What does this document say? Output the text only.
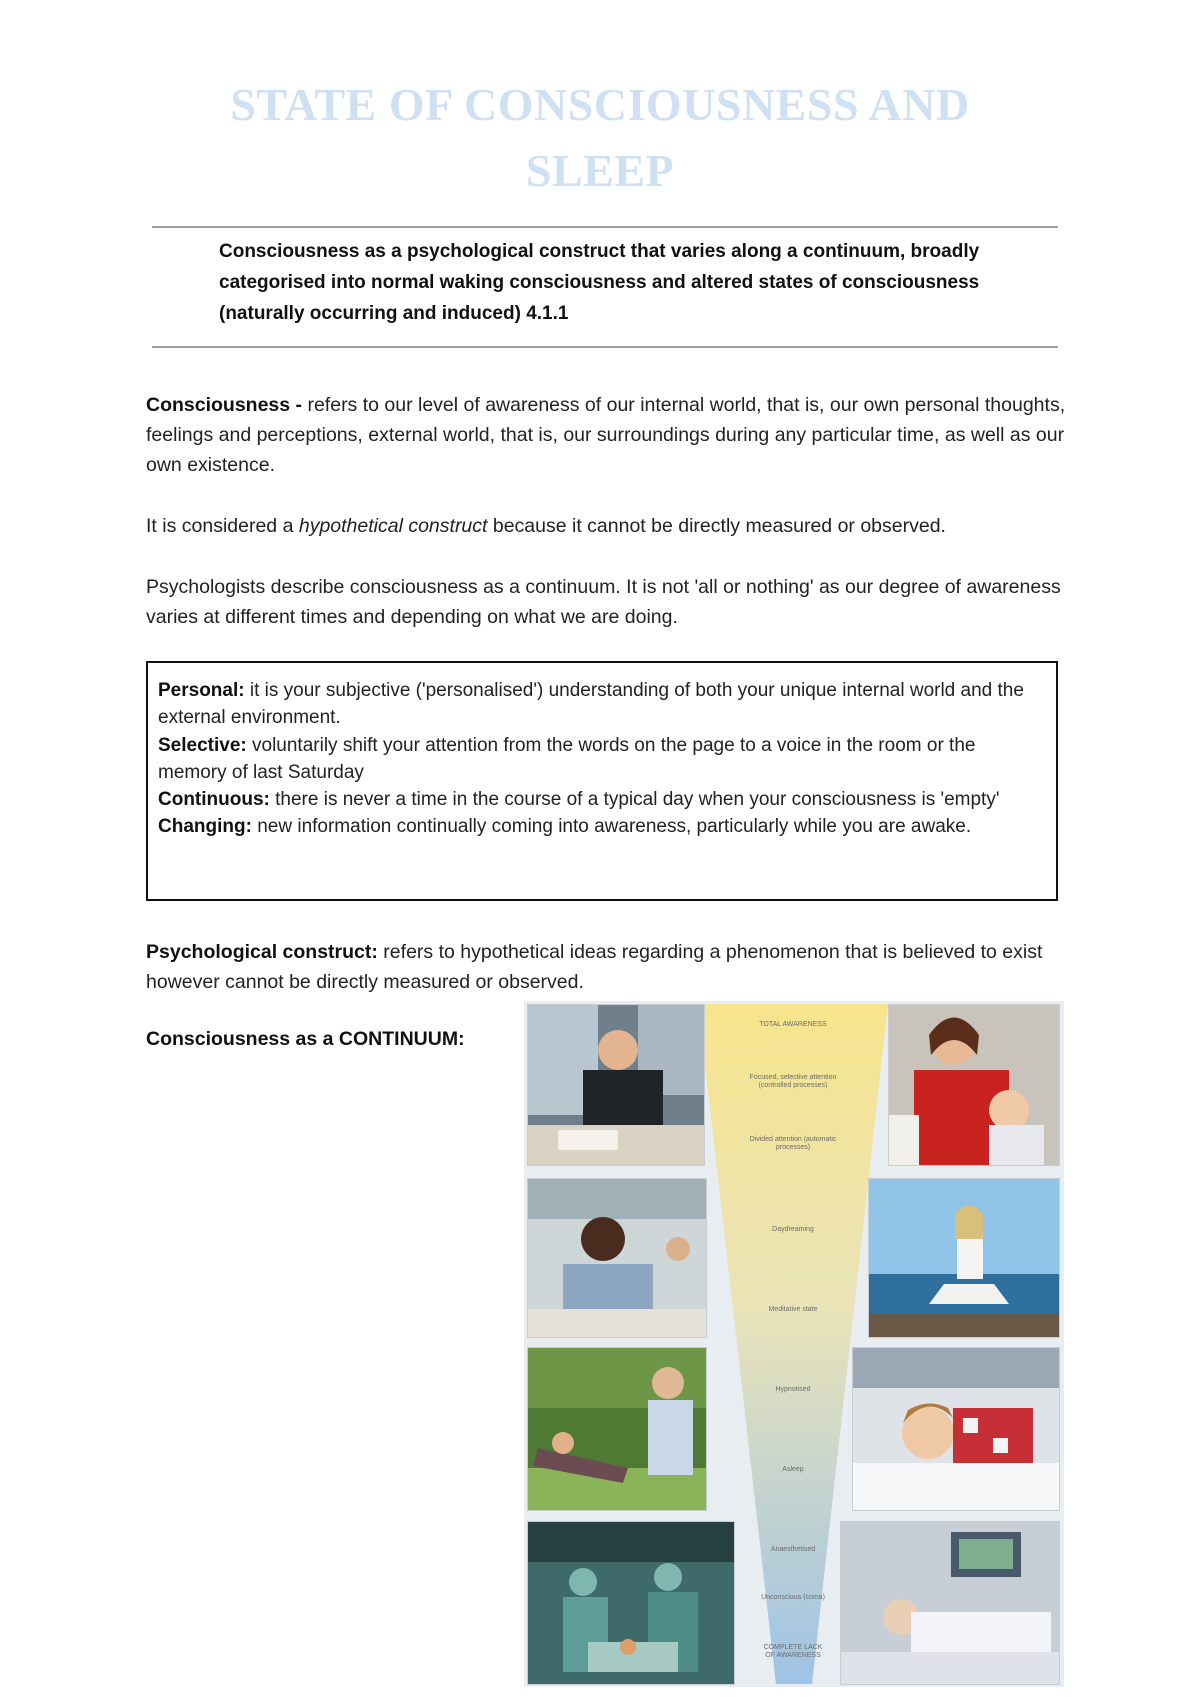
STATE OF CONSCIOUSNESS AND
SLEEP
Consciousness as a psychological construct that varies along a continuum, broadly categorised into normal waking consciousness and altered states of consciousness (naturally occurring and induced) 4.1.1
Consciousness - refers to our level of awareness of our internal world, that is, our own personal thoughts, feelings and perceptions, external world, that is, our surroundings during any particular time, as well as our own existence.
It is considered a hypothetical construct because it cannot be directly measured or observed.
Psychologists describe consciousness as a continuum. It is not 'all or nothing' as our degree of awareness varies at different times and depending on what we are doing.

Personal: it is your subjective ('personalised') understanding of both your unique internal world and the external environment.

Selective: voluntarily shift your attention from the words on the page to a voice in the room or the memory of last Saturday

Continuous: there is never a time in the course of a typical day when your consciousness is 'empty'

Changing: new information continually coming into awareness, particularly while you are awake.

Psychological construct: refers to hypothetical ideas regarding a phenomenon that is believed to exist however cannot be directly measured or observed.
Consciousness as a CONTINUUM:
TOTAL AWARENESS
Focused, selective attention (controlled processes)
Divided attention (automatic processes)
Daydreaming
Meditative state
Hypnotised
Asleep
Anaesthetised
Unconscious (coma)
COMPLETE LACK OF AWARENESS
